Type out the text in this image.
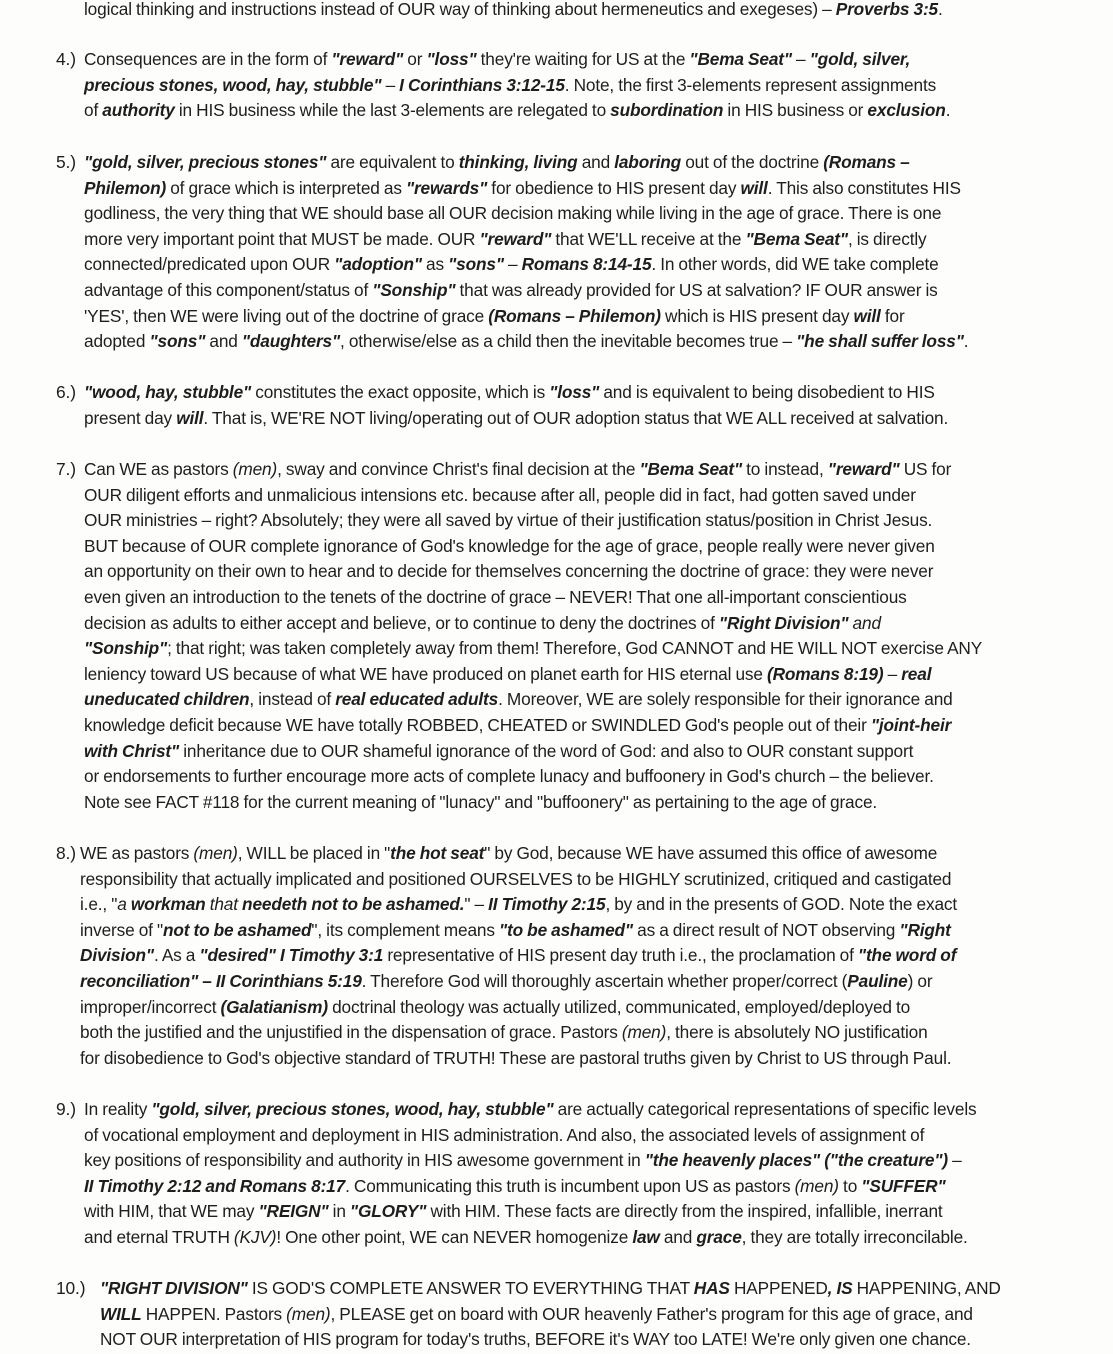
logical thinking and instructions instead of OUR way of thinking about hermeneutics and exegeses) – Proverbs 3:5.
4.) Consequences are in the form of "reward" or "loss" they're waiting for US at the "Bema Seat" – "gold, silver,
precious stones, wood, hay, stubble" – I Corinthians 3:12-15. Note, the first 3-elements represent assignments
of authority in HIS business while the last 3-elements are relegated to subordination in HIS business or exclusion.
5.) "gold, silver, precious stones" are equivalent to thinking, living and laboring out of the doctrine (Romans –
Philemon) of grace which is interpreted as "rewards" for obedience to HIS present day will. This also constitutes HIS
godliness, the very thing that WE should base all OUR decision making while living in the age of grace. There is one
more very important point that MUST be made. OUR "reward" that WE'LL receive at the "Bema Seat", is directly
connected/predicated upon OUR "adoption" as "sons" – Romans 8:14-15. In other words, did WE take complete
advantage of this component/status of "Sonship" that was already provided for US at salvation? IF OUR answer is
'YES', then WE were living out of the doctrine of grace (Romans – Philemon) which is HIS present day will for
adopted "sons" and "daughters", otherwise/else as a child then the inevitable becomes true – "he shall suffer loss".
6.) "wood, hay, stubble" constitutes the exact opposite, which is "loss" and is equivalent to being disobedient to HIS
present day will. That is, WE'RE NOT living/operating out of OUR adoption status that WE ALL received at salvation.
7.) Can WE as pastors (men), sway and convince Christ's final decision at the "Bema Seat" to instead, "reward" US for
OUR diligent efforts and unmalicious intensions etc. because after all, people did in fact, had gotten saved under
OUR ministries – right? Absolutely; they were all saved by virtue of their justification status/position in Christ Jesus.
BUT because of OUR complete ignorance of God's knowledge for the age of grace, people really were never given
an opportunity on their own to hear and to decide for themselves concerning the doctrine of grace: they were never
even given an introduction to the tenets of the doctrine of grace – NEVER! That one all-important conscientious
decision as adults to either accept and believe, or to continue to deny the doctrines of "Right Division" and
"Sonship"; that right; was taken completely away from them! Therefore, God CANNOT and HE WILL NOT exercise ANY
leniency toward US because of what WE have produced on planet earth for HIS eternal use (Romans 8:19) – real
uneducated children, instead of real educated adults. Moreover, WE are solely responsible for their ignorance and
knowledge deficit because WE have totally ROBBED, CHEATED or SWINDLED God's people out of their "joint-heir
with Christ" inheritance due to OUR shameful ignorance of the word of God: and also to OUR constant support
or endorsements to further encourage more acts of complete lunacy and buffoonery in God's church – the believer.
Note see FACT #118 for the current meaning of "lunacy" and "buffoonery" as pertaining to the age of grace.
8.) WE as pastors (men), WILL be placed in "the hot seat" by God, because WE have assumed this office of awesome
responsibility that actually implicated and positioned OURSELVES to be HIGHLY scrutinized, critiqued and castigated
i.e., "a workman that needeth not to be ashamed." – II Timothy 2:15, by and in the presents of GOD. Note the exact
inverse of "not to be ashamed", its complement means "to be ashamed" as a direct result of NOT observing "Right
Division". As a "desired" I Timothy 3:1 representative of HIS present day truth i.e., the proclamation of "the word of
reconciliation" – II Corinthians 5:19. Therefore God will thoroughly ascertain whether proper/correct (Pauline) or
improper/incorrect (Galatianism) doctrinal theology was actually utilized, communicated, employed/deployed to
both the justified and the unjustified in the dispensation of grace. Pastors (men), there is absolutely NO justification
for disobedience to God's objective standard of TRUTH! These are pastoral truths given by Christ to US through Paul.
9.) In reality "gold, silver, precious stones, wood, hay, stubble" are actually categorical representations of specific levels
of vocational employment and deployment in HIS administration. And also, the associated levels of assignment of
key positions of responsibility and authority in HIS awesome government in "the heavenly places" ("the creature") –
II Timothy 2:12 and Romans 8:17. Communicating this truth is incumbent upon US as pastors (men) to "SUFFER"
with HIM, that WE may "REIGN" in "GLORY" with HIM. These facts are directly from the inspired, infallible, inerrant
and eternal TRUTH (KJV)! One other point, WE can NEVER homogenize law and grace, they are totally irreconcilable.
10.) "RIGHT DIVISION" IS GOD'S COMPLETE ANSWER TO EVERYTHING THAT HAS HAPPENED, IS HAPPENING, AND
WILL HAPPEN. Pastors (men), PLEASE get on board with OUR heavenly Father's program for this age of grace, and
NOT OUR interpretation of HIS program for today's truths, BEFORE it's WAY too LATE! We're only given one chance.
